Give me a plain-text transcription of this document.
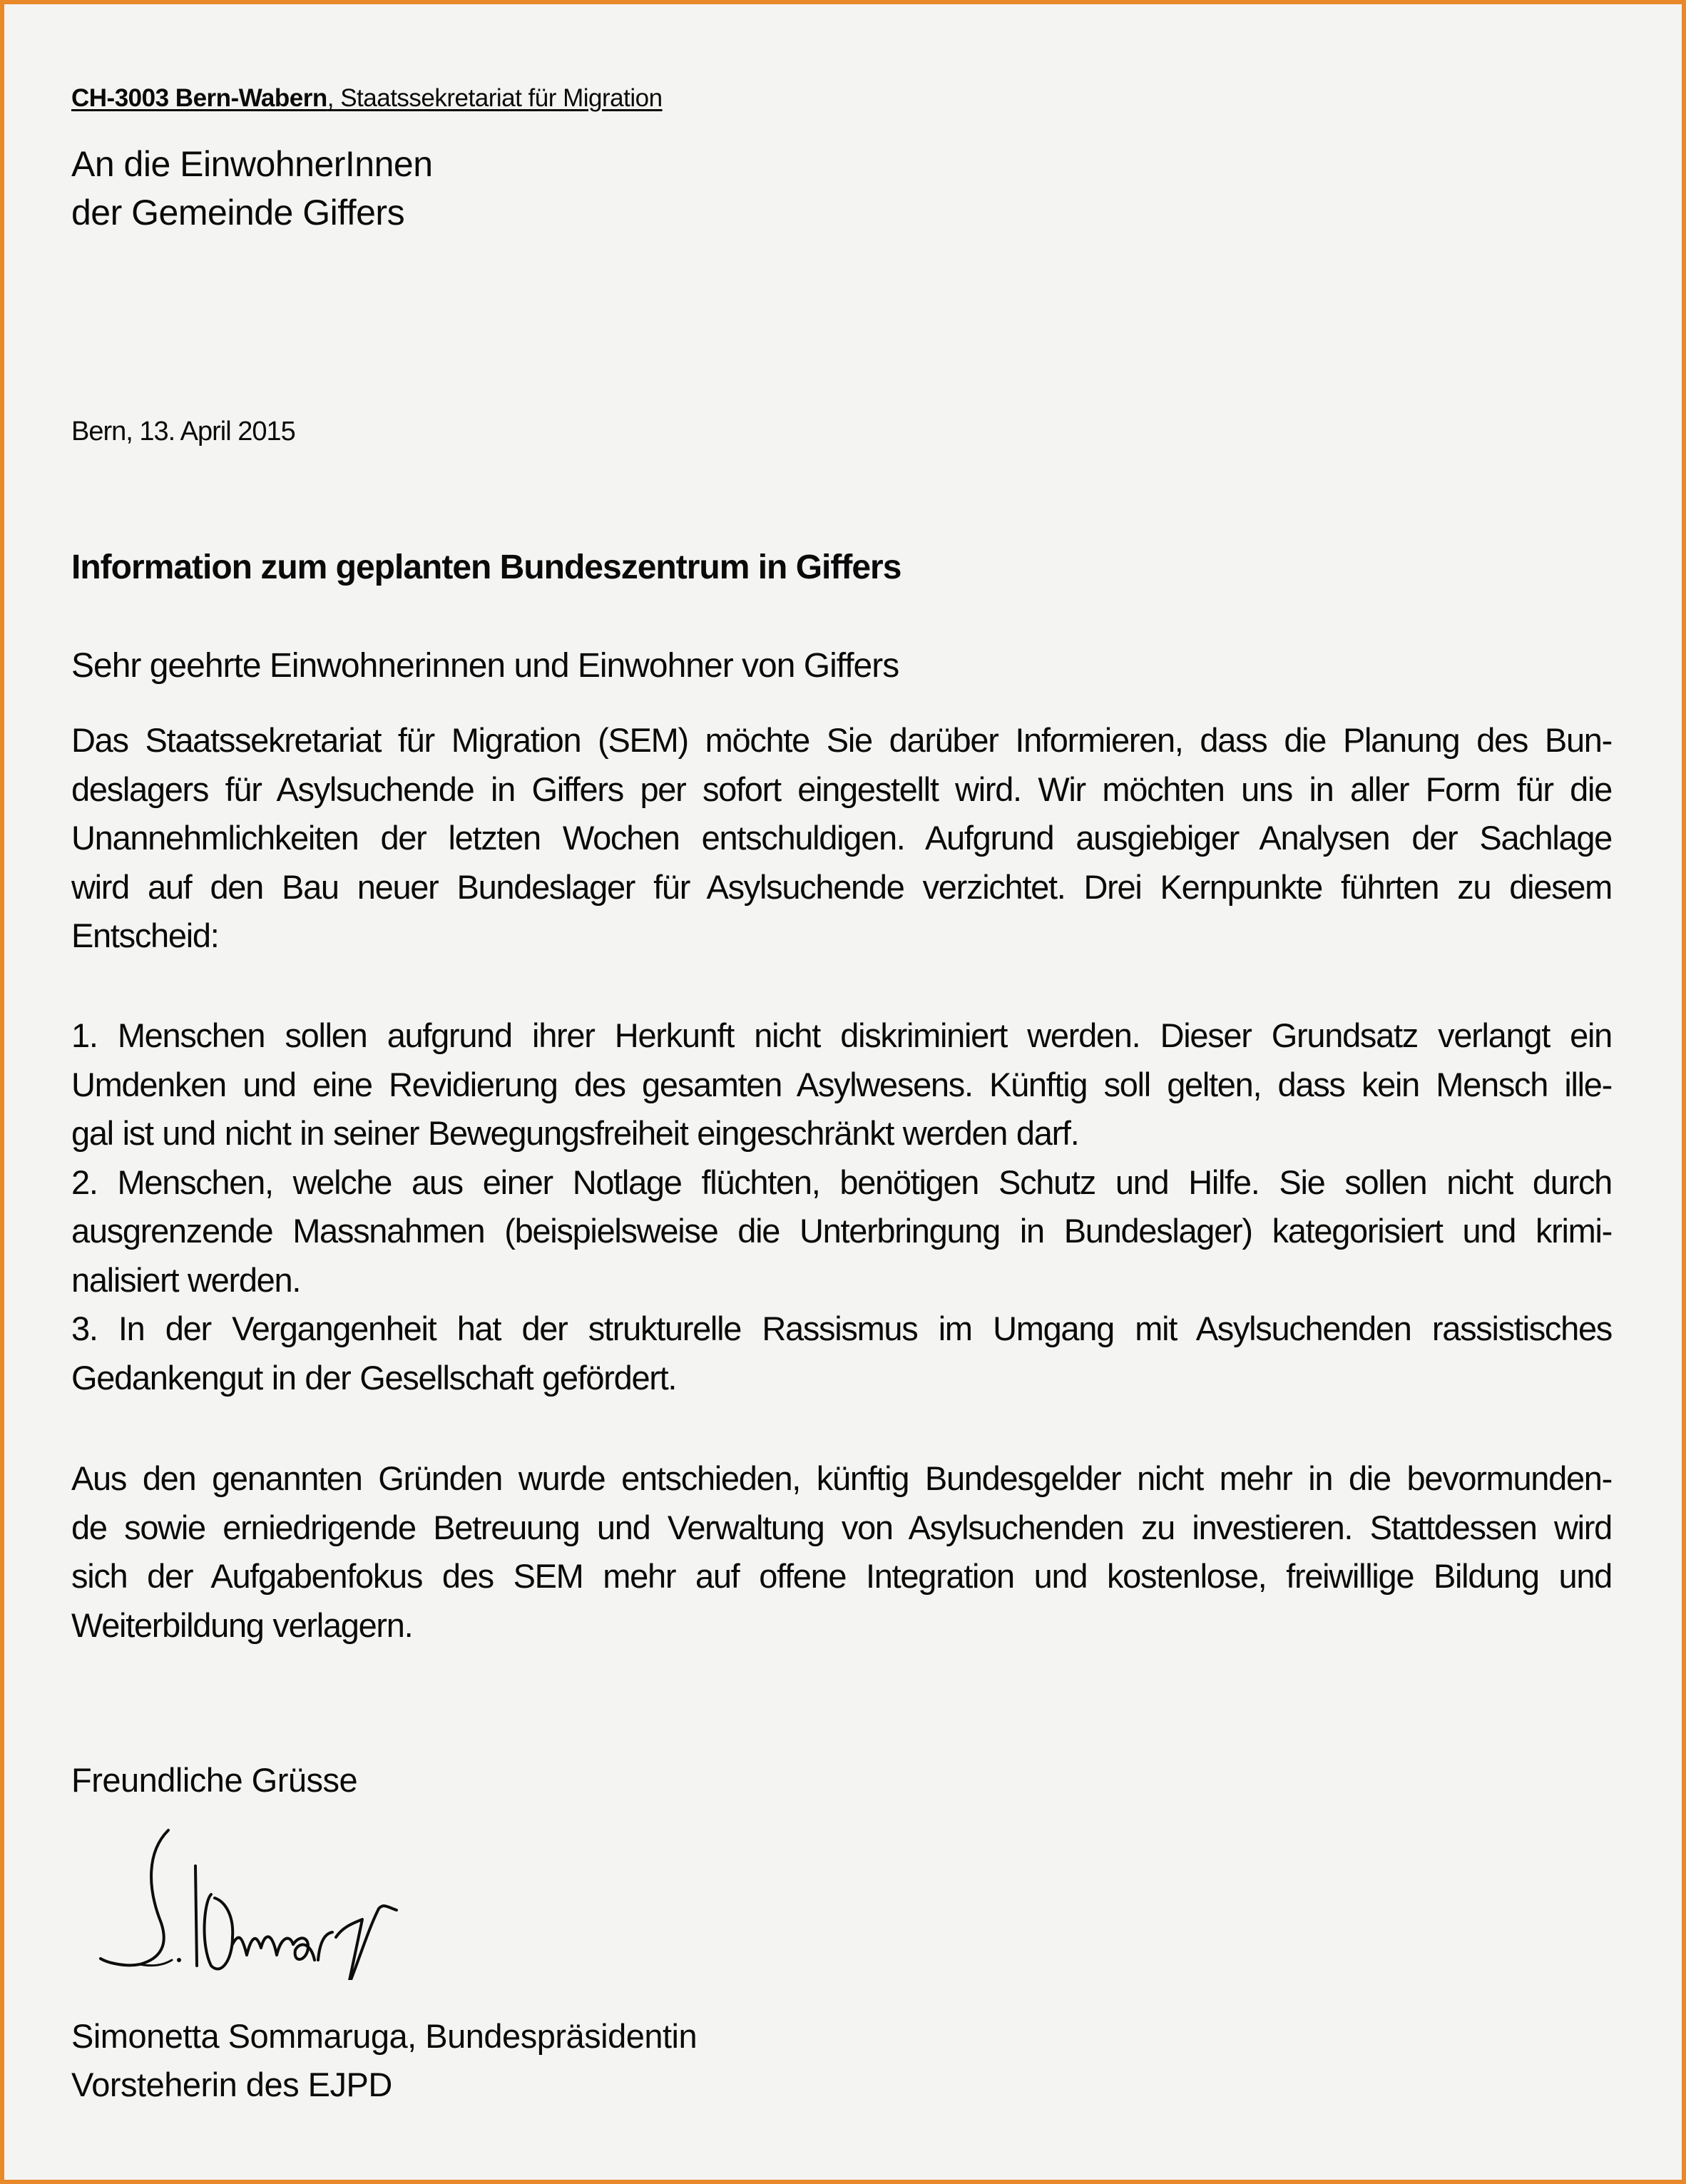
CH-3003 Bern-Wabern, Staatssekretariat für Migration
An die EinwohnerInnen
der Gemeinde Giffers
Bern, 13. April 2015
Information zum geplanten Bundeszentrum in Giffers
Sehr geehrte Einwohnerinnen und Einwohner von Giffers
Das Staatssekretariat für Migration (SEM) möchte Sie darüber Informieren, dass die Planung des Bun-
deslagers für Asylsuchende in Giffers per sofort eingestellt wird. Wir möchten uns in aller Form für die
Unannehmlichkeiten der letzten Wochen entschuldigen. Aufgrund ausgiebiger Analysen der Sachlage
wird auf den Bau neuer Bundeslager für Asylsuchende verzichtet. Drei Kernpunkte führten zu diesem
Entscheid:
1. Menschen sollen aufgrund ihrer Herkunft nicht diskriminiert werden. Dieser Grundsatz verlangt ein
Umdenken und eine Revidierung des gesamten Asylwesens. Künftig soll gelten, dass kein Mensch ille-
gal ist und nicht in seiner Bewegungsfreiheit eingeschränkt werden darf.
2. Menschen, welche aus einer Notlage flüchten, benötigen Schutz und Hilfe. Sie sollen nicht durch
ausgrenzende Massnahmen (beispielsweise die Unterbringung in Bundeslager) kategorisiert und krimi-
nalisiert werden.
3. In der Vergangenheit hat der strukturelle Rassismus im Umgang mit Asylsuchenden rassistisches
Gedankengut in der Gesellschaft gefördert.
Aus den genannten Gründen wurde entschieden, künftig Bundesgelder nicht mehr in die bevormunden-
de sowie erniedrigende Betreuung und Verwaltung von Asylsuchenden zu investieren. Stattdessen wird
sich der Aufgabenfokus des SEM mehr auf offene Integration und kostenlose, freiwillige Bildung und
Weiterbildung verlagern.
Freundliche Grüsse
Simonetta Sommaruga, Bundespräsidentin
Vorsteherin des EJPD
